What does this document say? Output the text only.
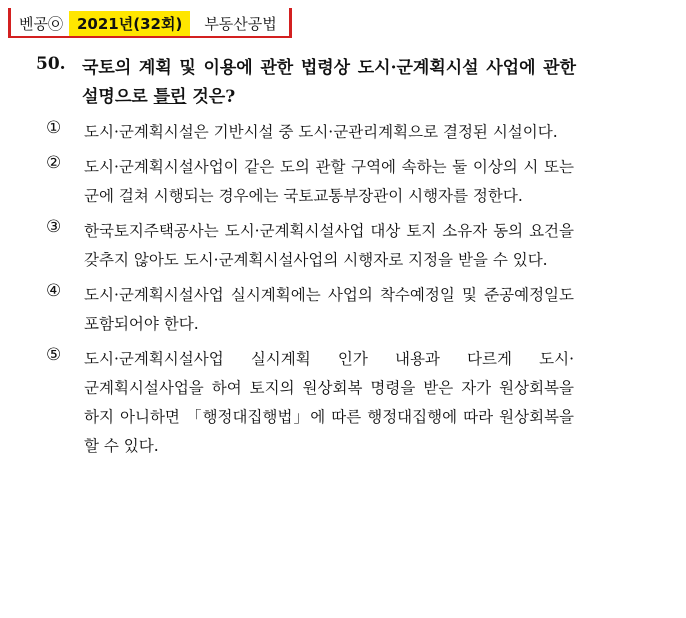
벤공㉧ 2021년(32회)	부동산공법
50. 국토의 계획 및 이용에 관한 법령상 도시·군계획시설 사업에 관한 설명으로 틀린 것은?
①	도시·군계획시설은 기반시설 중 도시·군관리계획으로 결정된 시설이다.
②	도시·군계획시설사업이 같은 도의 관할 구역에 속하는 둘 이상의 시 또는 군에 걸쳐 시행되는 경우에는 국토교통부장관이 시행자를 정한다.
③	한국토지주택공사는 도시·군계획시설사업 대상 토지 소유자 동의 요건을 갖추지 않아도 도시·군계획시설사업의 시행자로 지정을 받을 수 있다.
④	도시·군계획시설사업 실시계획에는 사업의 착수예정일 및 준공예정일도 포함되어야 한다.
⑤	도시·군계획시설사업 실시계획 인가 내용과 다르게 도시·군계획시설사업을 하여 토지의 원상회복 명령을 받은 자가 원상회복을 하지 아니하면 「행정대집행법」에 따른 행정대집행에 따라 원상회복을 할 수 있다.
